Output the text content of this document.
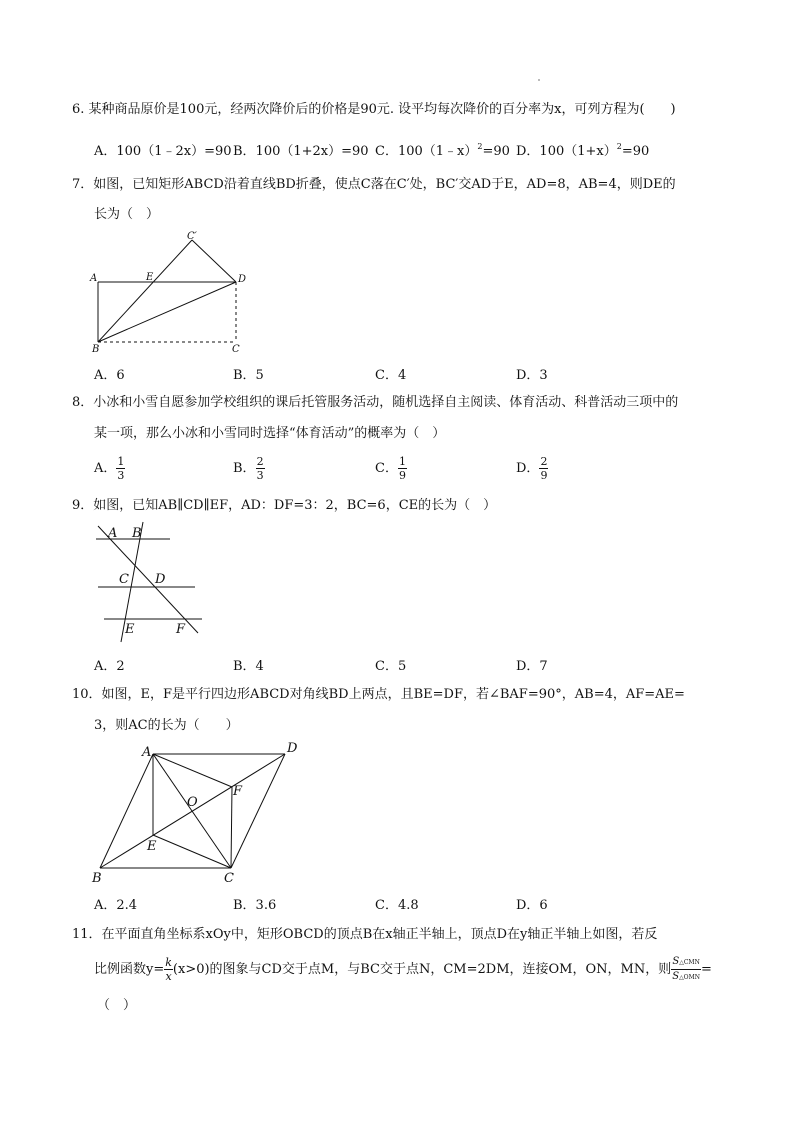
6. 某种商品原价是100元，经两次降价后的价格是90元. 设平均每次降价的百分率为x，可列方程为(　　)
A．100（1﹣2x）=90 B．100（1+2x）=90 C．100（1﹣x）$^2$=90 D．$100(1+x)^2=90$
7．如图，已知矩形ABCD沿着直线BD折叠，使点C落在C′处，BC′交AD于E，AD=8，AB=4，则DE的
长为（　）
A	E	D
C′
B	C
A．6	B．5	C．4	D．3
8．小冰和小雪自愿参加学校组织的课后托管服务活动，随机选择自主阅读、体育活动、科普活动三项中的
某一项，那么小冰和小雪同时选择“体育活动”的概率为（　）
A． $\frac{1}{3}$	B． $\frac{2}{3}$	C． $\frac{1}{9}$	D． $\frac{2}{9}$
9．如图，已知AB∥CD∥EF，AD：DF=3：2，BC=6，CE的长为（　）
A B
C D
E	F
A．2	B．4	C．5	D．7
10．如图，E，F是平行四边形ABCD对角线BD上两点，且BE=DF，若∠BAF=90°，AB=4，AF=AE=
3，则AC的长为（　　）
A	D
O
F
E
B	C
A．2.4	B．3.6	C．4.8	D．6
11．在平面直角坐标系xOy中，矩形OBCD的顶点B在x轴正半轴上，顶点D在y轴正半轴上如图，若反
比例函数$y= \frac{k}{x} (x>0)$的图象与CD交于点M，与BC交于点N，CM=2DM，连接OM，ON，MN，则 $\frac{\text{S△CMN}}{\text{S△OMN}}$ =
（　）
